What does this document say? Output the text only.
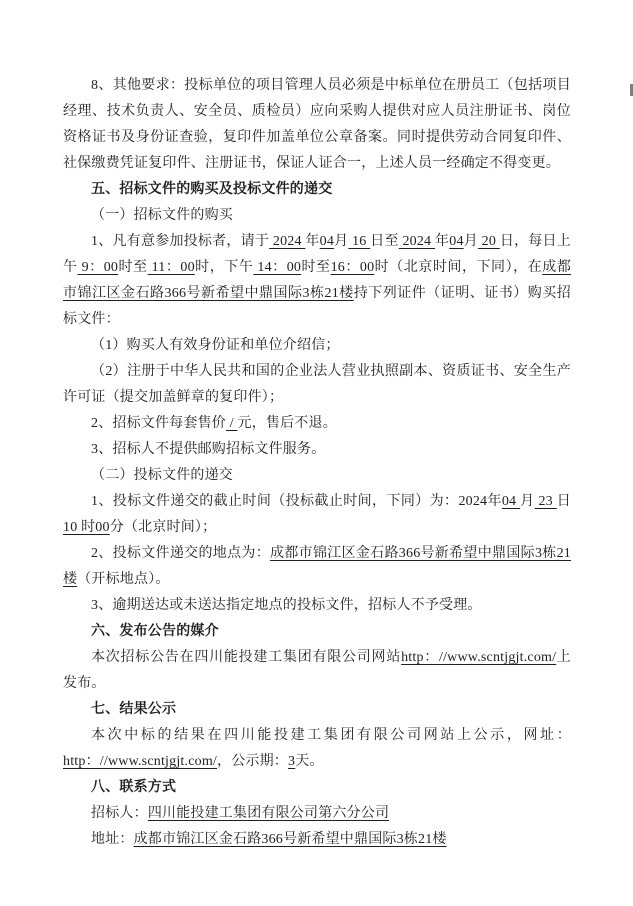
8、其他要求：投标单位的项目管理人员必须是中标单位在册员工（包括项目经理、技术负责人、安全员、质检员）应向采购人提供对应人员注册证书、岗位资格证书及身份证查验，复印件加盖单位公章备案。同时提供劳动合同复印件、社保缴费凭证复印件、注册证书，保证人证合一，上述人员一经确定不得变更。

五、招标文件的购买及投标文件的递交

（一）招标文件的购买

1、凡有意参加投标者，请于 2024 年04月 16 日至 2024 年04月 20 日，每日上午 9：00时至 11：00时，下午 14：00时至16：00时（北京时间，下同），在成都市锦江区金石路366号新希望中鼎国际3栋21楼持下列证件（证明、证书）购买招标文件：

（1）购买人有效身份证和单位介绍信；

（2）注册于中华人民共和国的企业法人营业执照副本、资质证书、安全生产许可证（提交加盖鲜章的复印件）；

2、招标文件每套售价 / 元，售后不退。

3、招标人不提供邮购招标文件服务。

（二）投标文件的递交

1、投标文件递交的截止时间（投标截止时间，下同）为：2024年04 月 23 日10 时00分（北京时间）；

2、投标文件递交的地点为：成都市锦江区金石路366号新希望中鼎国际3栋21楼（开标地点）。

3、逾期送达或未送达指定地点的投标文件，招标人不予受理。

六、发布公告的媒介

本次招标公告在四川能投建工集团有限公司网站http：//www.scntjgjt.com/上发布。

七、结果公示

本次中标的结果在四川能投建工集团有限公司网站上公示，网址：http：//www.scntjgjt.com/，公示期：3天。

八、联系方式

招标人：四川能投建工集团有限公司第六分公司

地址：成都市锦江区金石路366号新希望中鼎国际3栋21楼
